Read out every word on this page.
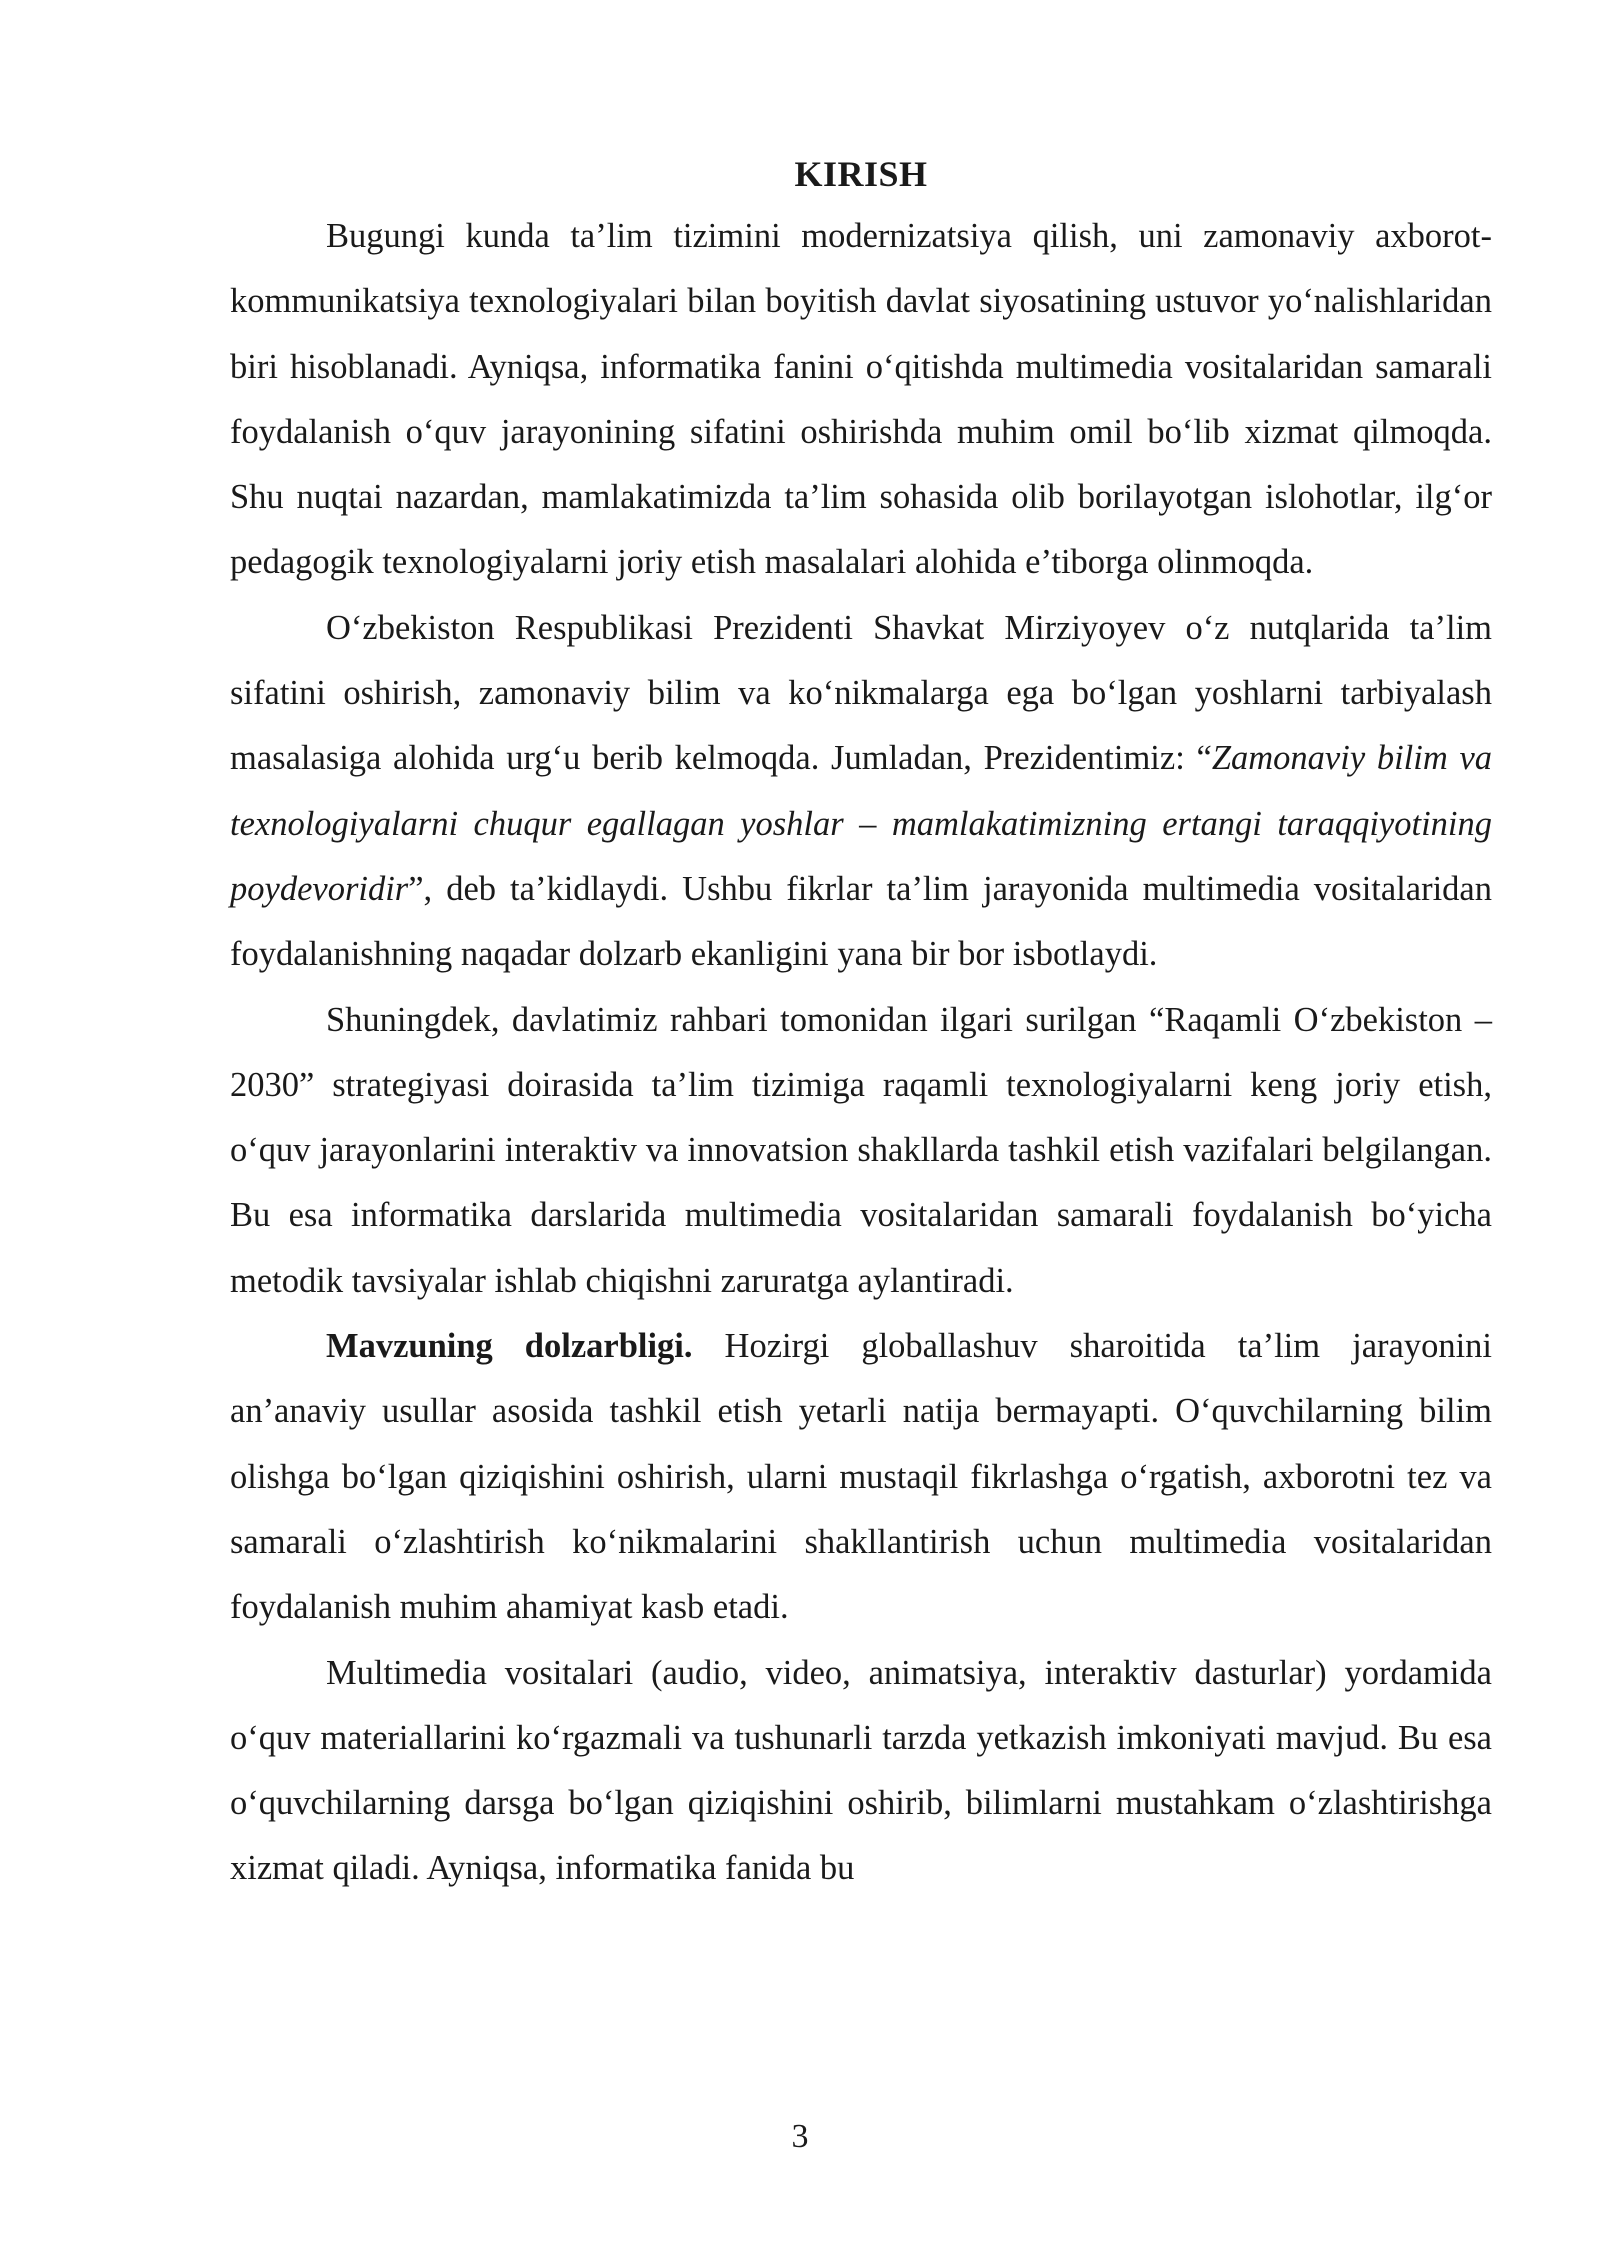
KIRISH

Bugungi kunda ta’lim tizimini modernizatsiya qilish, uni zamonaviy axborot-kommunikatsiya texnologiyalari bilan boyitish davlat siyosatining ustuvor yo‘nalishlaridan biri hisoblanadi. Ayniqsa, informatika fanini o‘qitishda multimedia vositalaridan samarali foydalanish o‘quv jarayonining sifatini oshirishda muhim omil bo‘lib xizmat qilmoqda. Shu nuqtai nazardan, mamlakatimizda ta’lim sohasida olib borilayotgan islohotlar, ilg‘or pedagogik texnologiyalarni joriy etish masalalari alohida e’tiborga olinmoqda.

O‘zbekiston Respublikasi Prezidenti Shavkat Mirziyoyev o‘z nutqlarida ta’lim sifatini oshirish, zamonaviy bilim va ko‘nikmalarga ega bo‘lgan yoshlarni tarbiyalash masalasiga alohida urg‘u berib kelmoqda. Jumladan, Prezidentimiz: “Zamonaviy bilim va texnologiyalarni chuqur egallagan yoshlar – mamlakatimizning ertangi taraqqiyotining poydevoridir”, deb ta’kidlaydi. Ushbu fikrlar ta’lim jarayonida multimedia vositalaridan foydalanishning naqadar dolzarb ekanligini yana bir bor isbotlaydi.

Shuningdek, davlatimiz rahbari tomonidan ilgari surilgan “Raqamli O‘zbekiston – 2030” strategiyasi doirasida ta’lim tizimiga raqamli texnologiyalarni keng joriy etish, o‘quv jarayonlarini interaktiv va innovatsion shakllarda tashkil etish vazifalari belgilangan. Bu esa informatika darslarida multimedia vositalaridan samarali foydalanish bo‘yicha metodik tavsiyalar ishlab chiqishni zaruratga aylantiradi.

Mavzuning dolzarbligi. Hozirgi globallashuv sharoitida ta’lim jarayonini an’anaviy usullar asosida tashkil etish yetarli natija bermayapti. O‘quvchilarning bilim olishga bo‘lgan qiziqishini oshirish, ularni mustaqil fikrlashga o‘rgatish, axborotni tez va samarali o‘zlashtirish ko‘nikmalarini shakllantirish uchun multimedia vositalaridan foydalanish muhim ahamiyat kasb etadi.

Multimedia vositalari (audio, video, animatsiya, interaktiv dasturlar) yordamida o‘quv materiallarini ko‘rgazmali va tushunarli tarzda yetkazish imkoniyati mavjud. Bu esa o‘quvchilarning darsga bo‘lgan qiziqishini oshirib, bilimlarni mustahkam o‘zlashtirishga xizmat qiladi. Ayniqsa, informatika fanida bu

3
